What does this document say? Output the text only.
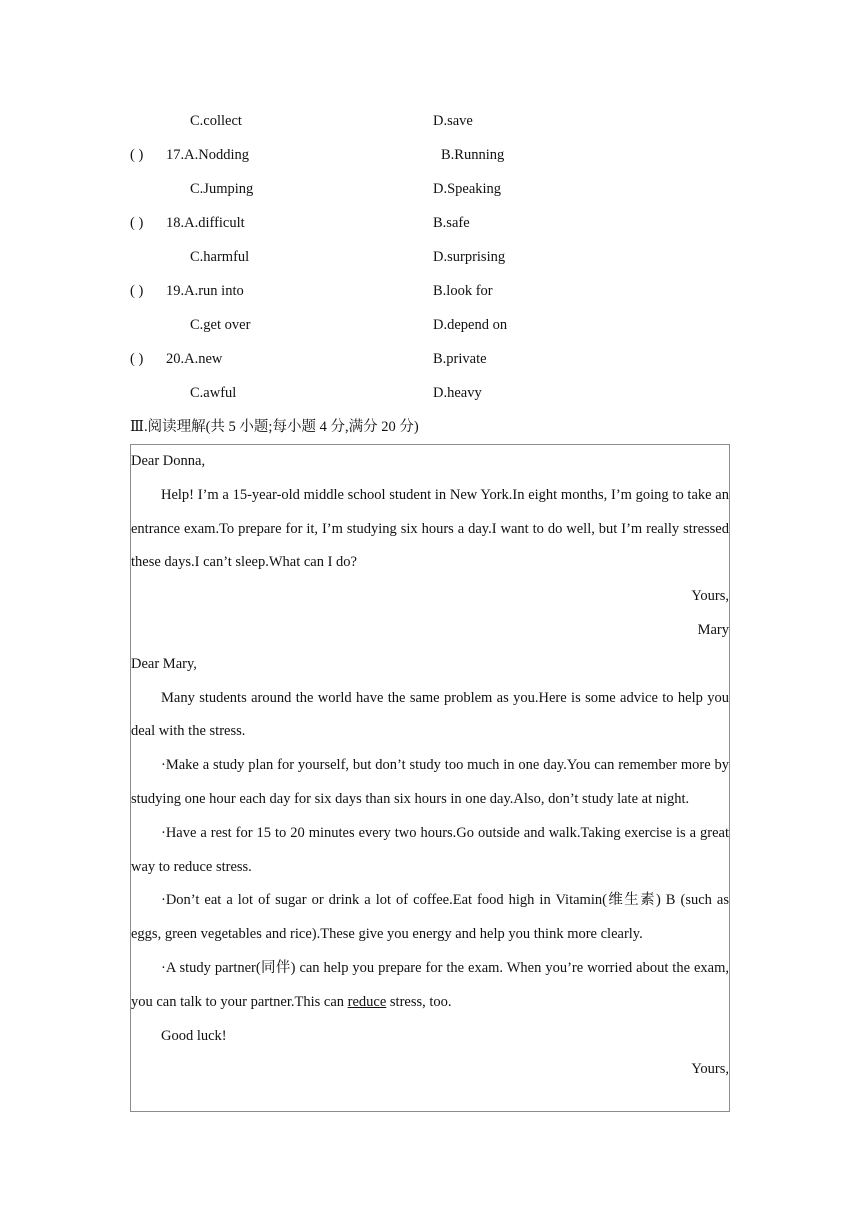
C.collect	D.save
( ) 17.A.Nodding	B.Running
C.Jumping	D.Speaking
( ) 18.A.difficult	B.safe
C.harmful	D.surprising
( ) 19.A.run into	B.look for
C.get over	D.depend on
( ) 20.A.new	B.private
C.awful	D.heavy
Ⅲ.阅读理解(共 5 小题;每小题 4 分,满分 20 分)

Dear Donna,

Help! I’m a 15-year-old middle school student in New York.In eight months, I’m going to take an entrance exam.To prepare for it, I’m studying six hours a day.I want to do well, but I’m really stressed these days.I can’t sleep.What can I do?

Yours,

Mary

Dear Mary,

Many students around the world have the same problem as you.Here is some advice to help you deal with the stress.

·Make a study plan for yourself, but don’t study too much in one day.You can remember more by studying one hour each day for six days than six hours in one day.Also, don’t study late at night.

·Have a rest for 15 to 20 minutes every two hours.Go outside and walk.Taking exercise is a great way to reduce stress.

·Don’t eat a lot of sugar or drink a lot of coffee.Eat food high in Vitamin(维生素) B (such as eggs, green vegetables and rice).These give you energy and help you think more clearly.

·A study partner(同伴) can help you prepare for the exam. When you’re worried about the exam, you can talk to your partner.This can reduce stress, too.

Good luck!

Yours,
